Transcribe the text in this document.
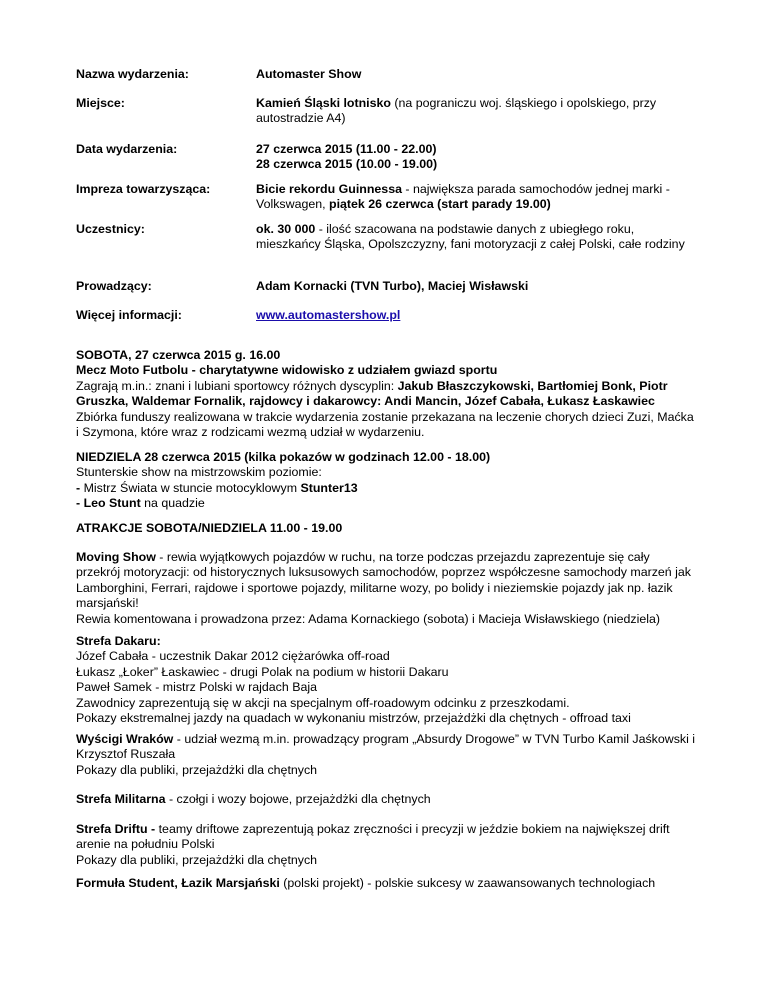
Nazwa wydarzenia:	Automaster Show
Miejsce:	Kamień Śląski lotnisko (na pograniczu woj. śląskiego i opolskiego, przy autostradzie A4)
Data wydarzenia:	27 czerwca 2015 (11.00 - 22.00)
28 czerwca 2015 (10.00 - 19.00)
Impreza towarzysząca:	Bicie rekordu Guinnessa - największa parada samochodów jednej marki - Volkswagen, piątek 26 czerwca (start parady 19.00)
Uczestnicy:	ok. 30 000 - ilość szacowana na podstawie danych z ubiegłego roku, mieszkańcy Śląska, Opolszczyzny, fani motoryzacji z całej Polski, całe rodziny
Prowadzący:	Adam Kornacki (TVN Turbo), Maciej Wisławski
Więcej informacji:	www.automastershow.pl

SOBOTA, 27 czerwca 2015 g. 16.00

Mecz Moto Futbolu - charytatywne widowisko z udziałem gwiazd sportu

Zagrają m.in.: znani i lubiani sportowcy różnych dyscyplin: Jakub Błaszczykowski, Bartłomiej Bonk, Piotr Gruszka, Waldemar Fornalik, rajdowcy i dakarowcy: Andi Mancin, Józef Cabała, Łukasz Łaskawiec

Zbiórka funduszy realizowana w trakcie wydarzenia zostanie przekazana na leczenie chorych dzieci Zuzi, Maćka i Szymona, które wraz z rodzicami wezmą udział w wydarzeniu.

NIEDZIELA 28 czerwca 2015 (kilka pokazów w godzinach 12.00 - 18.00)

Stunterskie show na mistrzowskim poziomie:

- Mistrz Świata w stuncie motocyklowym Stunter13

- Leo Stunt na quadzie

ATRAKCJE SOBOTA/NIEDZIELA 11.00 - 19.00

Moving Show - rewia wyjątkowych pojazdów w ruchu, na torze podczas przejazdu zaprezentuje się cały przekrój motoryzacji: od historycznych luksusowych samochodów, poprzez współczesne samochody marzeń jak Lamborghini, Ferrari, rajdowe i sportowe pojazdy, militarne wozy, po bolidy i nieziemskie pojazdy jak np. łazik marsjański!

Rewia komentowana i prowadzona przez: Adama Kornackiego (sobota) i Macieja Wisławskiego (niedziela)

Strefa Dakaru:

Józef Cabała - uczestnik Dakar 2012 ciężarówka off-road

Łukasz „Łoker” Łaskawiec - drugi Polak na podium w historii Dakaru

Paweł Samek - mistrz Polski w rajdach Baja

Zawodnicy zaprezentują się w akcji na specjalnym off-roadowym odcinku z przeszkodami.

Pokazy ekstremalnej jazdy na quadach w wykonaniu mistrzów, przejażdżki dla chętnych - offroad taxi

Wyścigi Wraków - udział wezmą m.in. prowadzący program „Absurdy Drogowe” w TVN Turbo Kamil Jaśkowski i Krzysztof Ruszała

Pokazy dla publiki, przejażdżki dla chętnych

Strefa Militarna - czołgi i wozy bojowe, przejażdżki dla chętnych

Strefa Driftu - teamy driftowe zaprezentują pokaz zręczności i precyzji w jeździe bokiem na największej drift arenie na południu Polski

Pokazy dla publiki, przejażdżki dla chętnych

Formuła Student, Łazik Marsjański (polski projekt) - polskie sukcesy w zaawansowanych technologiach
